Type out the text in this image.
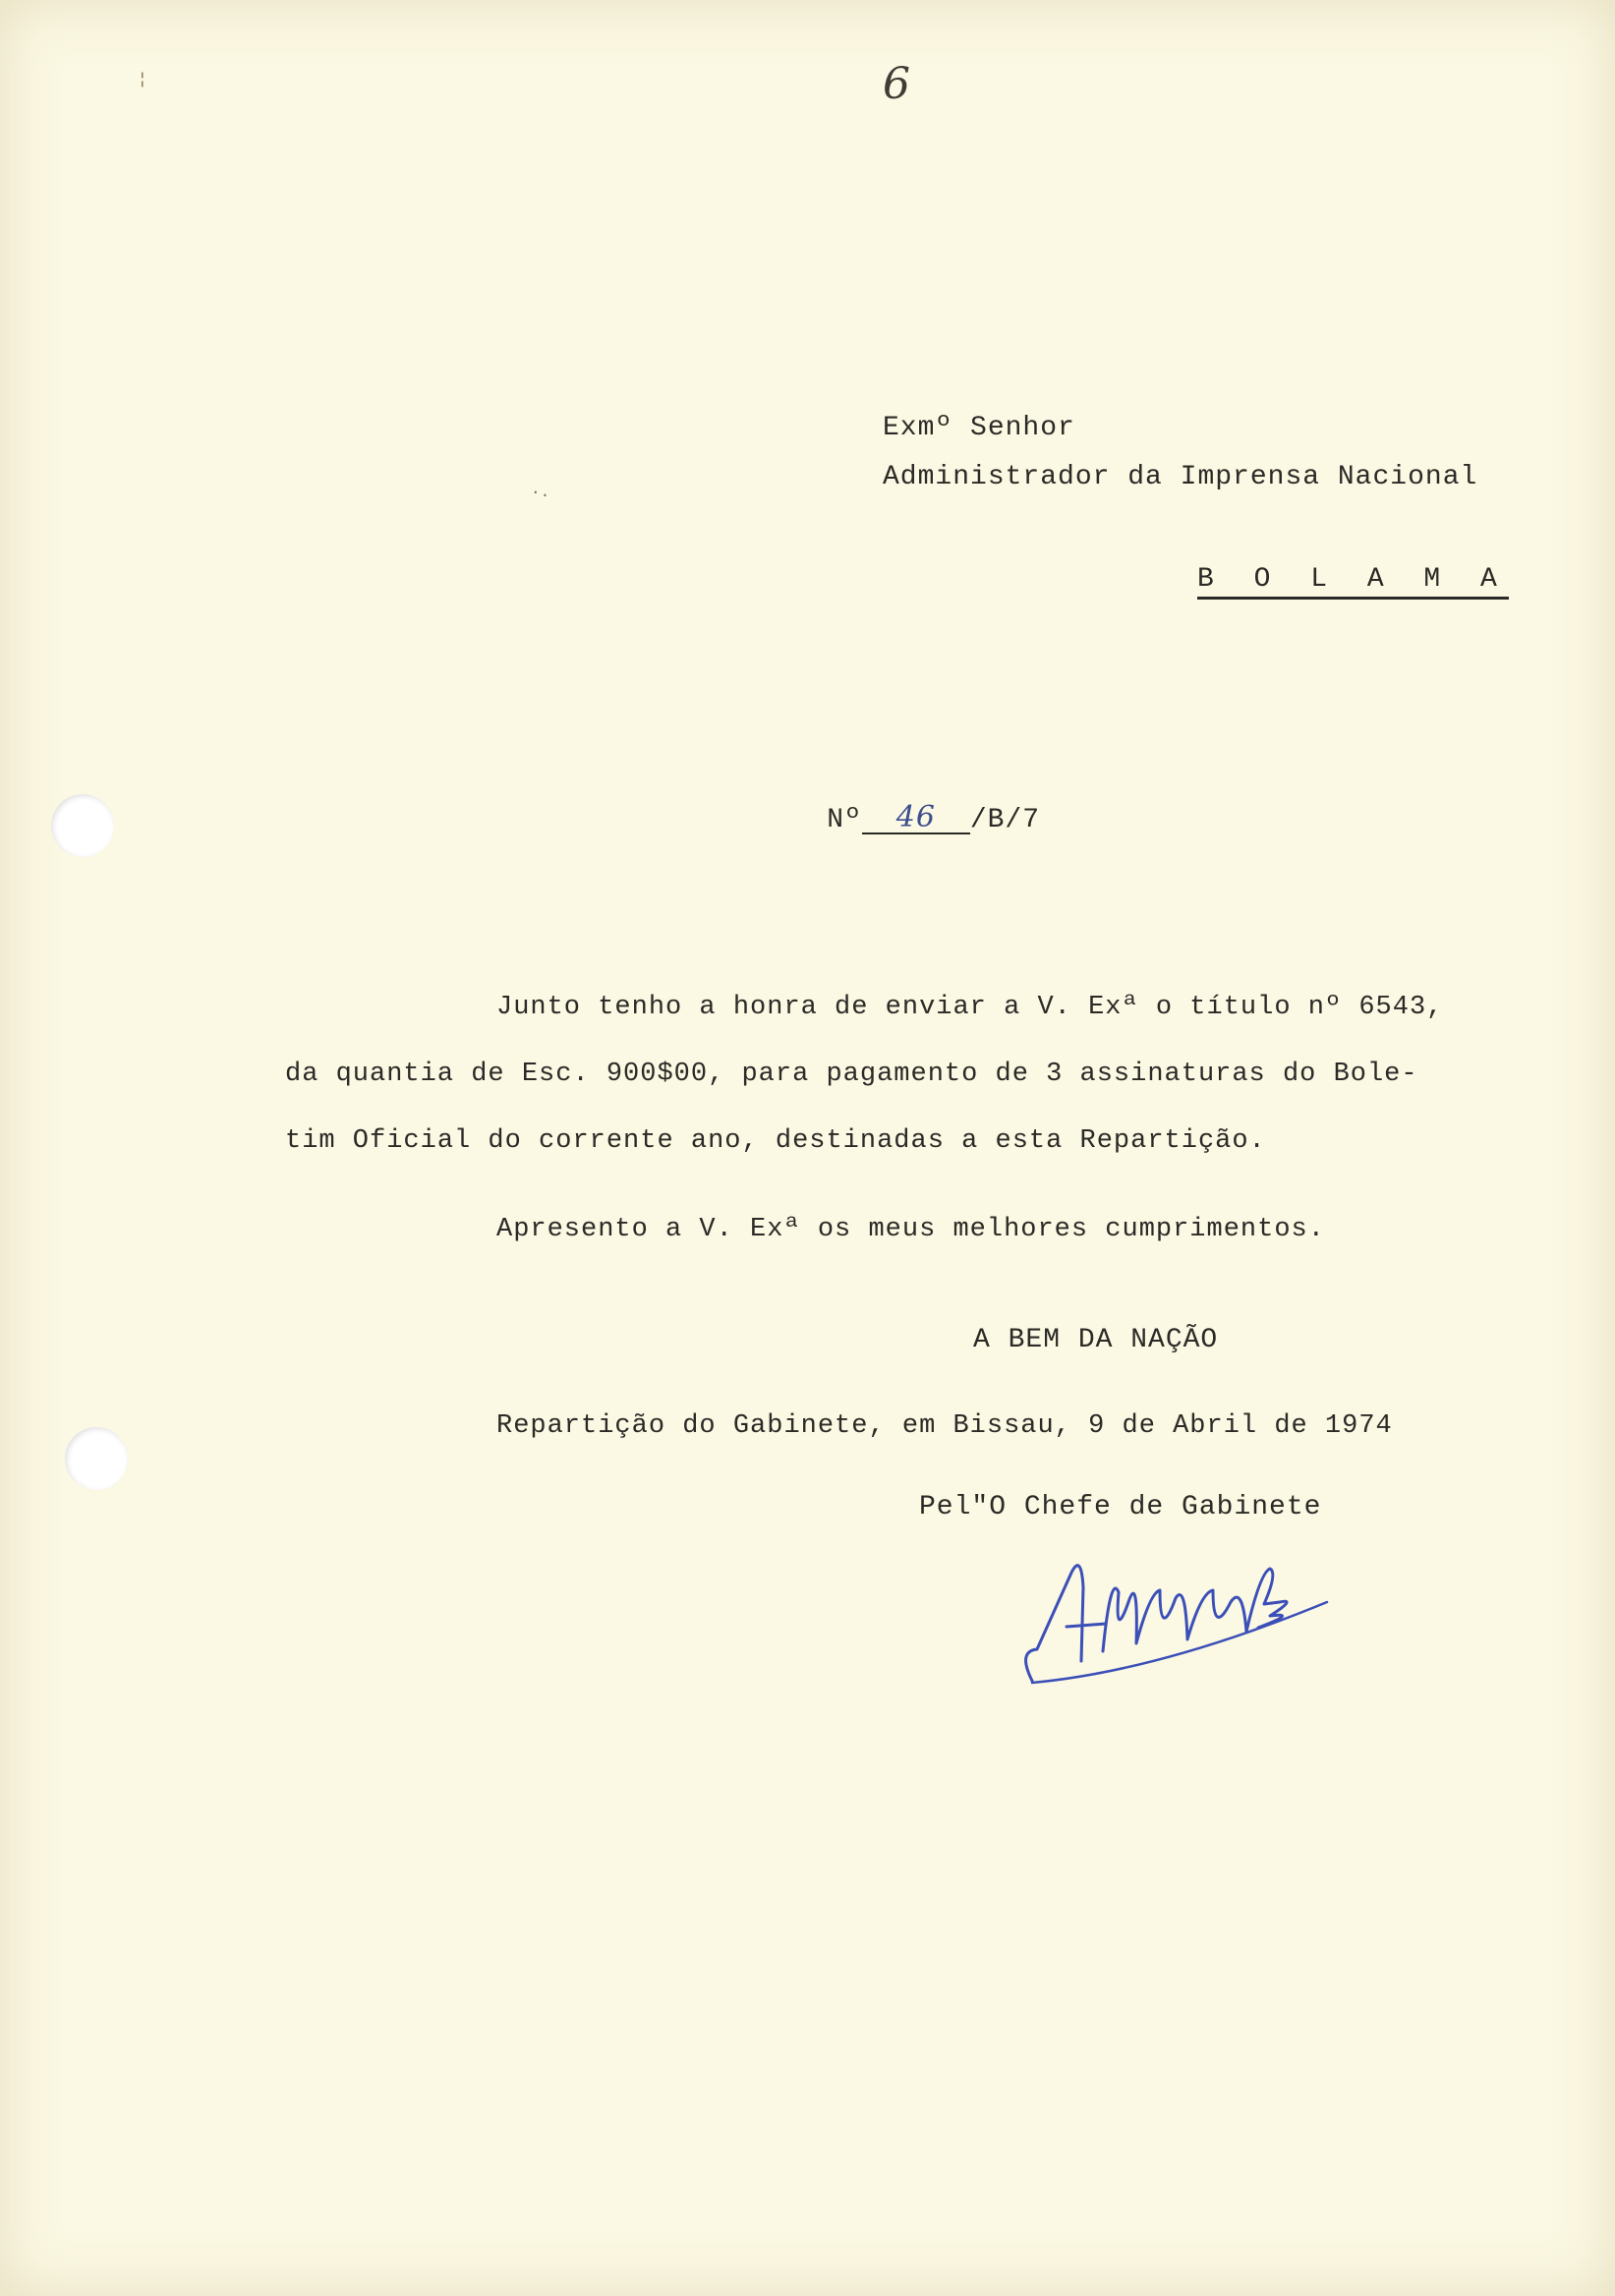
¦
·.
6
Exmº Senhor
Administrador da Imprensa Nacional
B O L A M A

Nº 46 /B/7

Junto tenho a honra de enviar a V. Exª o título nº 6543,
da quantia de Esc. 900$00, para pagamento de 3 assinaturas do Bole-
tim Oficial do corrente ano, destinadas a esta Repartição.
Apresento a V. Exª os meus melhores cumprimentos.
A BEM DA NAÇÃO
Repartição do Gabinete, em Bissau, 9 de Abril de 1974
Pel"O Chefe de Gabinete
